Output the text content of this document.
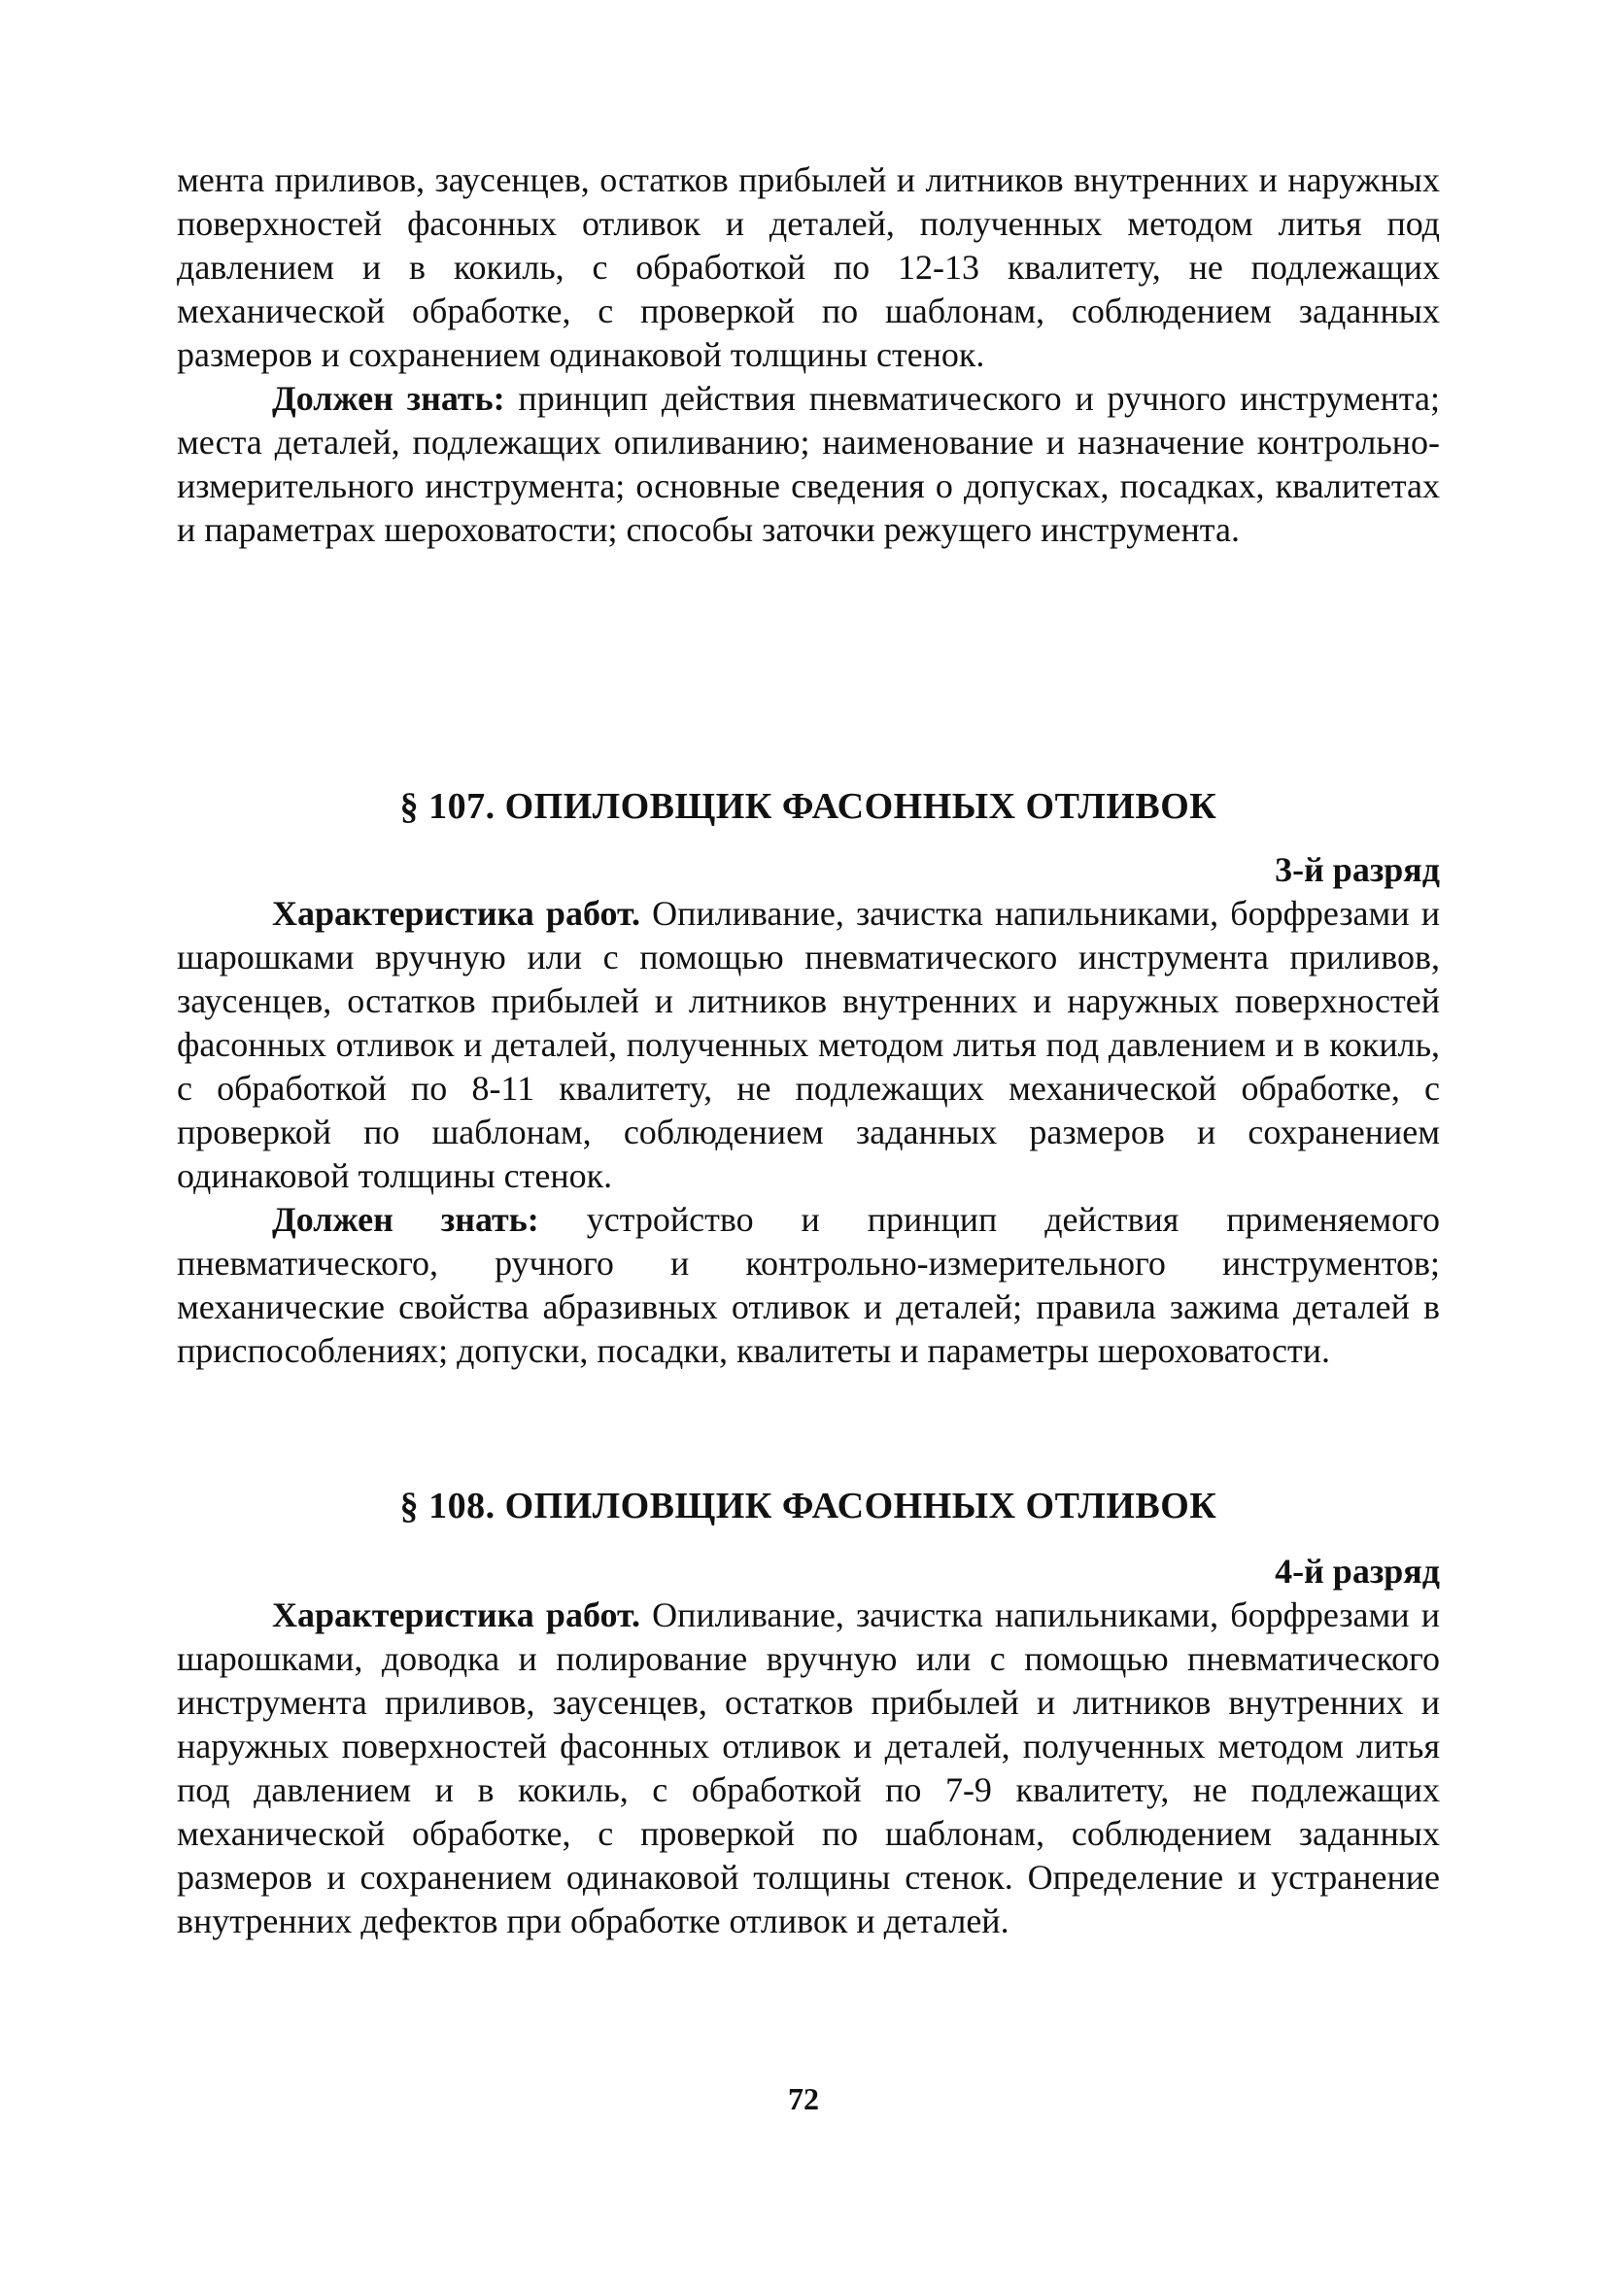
мента приливов, заусенцев, остатков прибылей и литников внутренних и наружных поверхностей фасонных отливок и деталей, полученных методом литья под давлением и в кокиль, с обработкой по 12-13 квалитету, не подлежащих механической обработке, с проверкой по шаблонам, соблюдением заданных размеров и сохранением одинаковой толщины стенок.

Должен знать: принцип действия пневматического и ручного инструмента; места деталей, подлежащих опиливанию; наименование и назначение контрольно-измерительного инструмента; основные сведения о допусках, посадках, квалитетах и параметрах шероховатости; способы заточки режущего инструмента.

§ 107. ОПИЛОВЩИК ФАСОННЫХ ОТЛИВОК
3-й разряд

Характеристика работ. Опиливание, зачистка напильниками, борфрезами и шарошками вручную или с помощью пневматического инструмента приливов, заусенцев, остатков прибылей и литников внутренних и наружных поверхностей фасонных отливок и деталей, полученных методом литья под давлением и в кокиль, с обработкой по 8-11 квалитету, не подлежащих механической обработке, с проверкой по шаблонам, соблюдением заданных размеров и сохранением одинаковой толщины стенок.

Должен знать: устройство и принцип действия применяемого пневматического, ручного и контрольно-измерительного инструментов; механические свойства абразивных отливок и деталей; правила зажима деталей в приспособлениях; допуски, посадки, квалитеты и параметры шероховатости.

§ 108. ОПИЛОВЩИК ФАСОННЫХ ОТЛИВОК
4-й разряд

Характеристика работ. Опиливание, зачистка напильниками, борфрезами и шарошками, доводка и полирование вручную или с помощью пневматического инструмента приливов, заусенцев, остатков прибылей и литников внутренних и наружных поверхностей фасонных отливок и деталей, полученных методом литья под давлением и в кокиль, с обработкой по 7-9 квалитету, не подлежащих механической обработке, с проверкой по шаблонам, соблюдением заданных размеров и сохранением одинаковой толщины стенок. Определение и устранение внутренних дефектов при обработке отливок и деталей.

72
